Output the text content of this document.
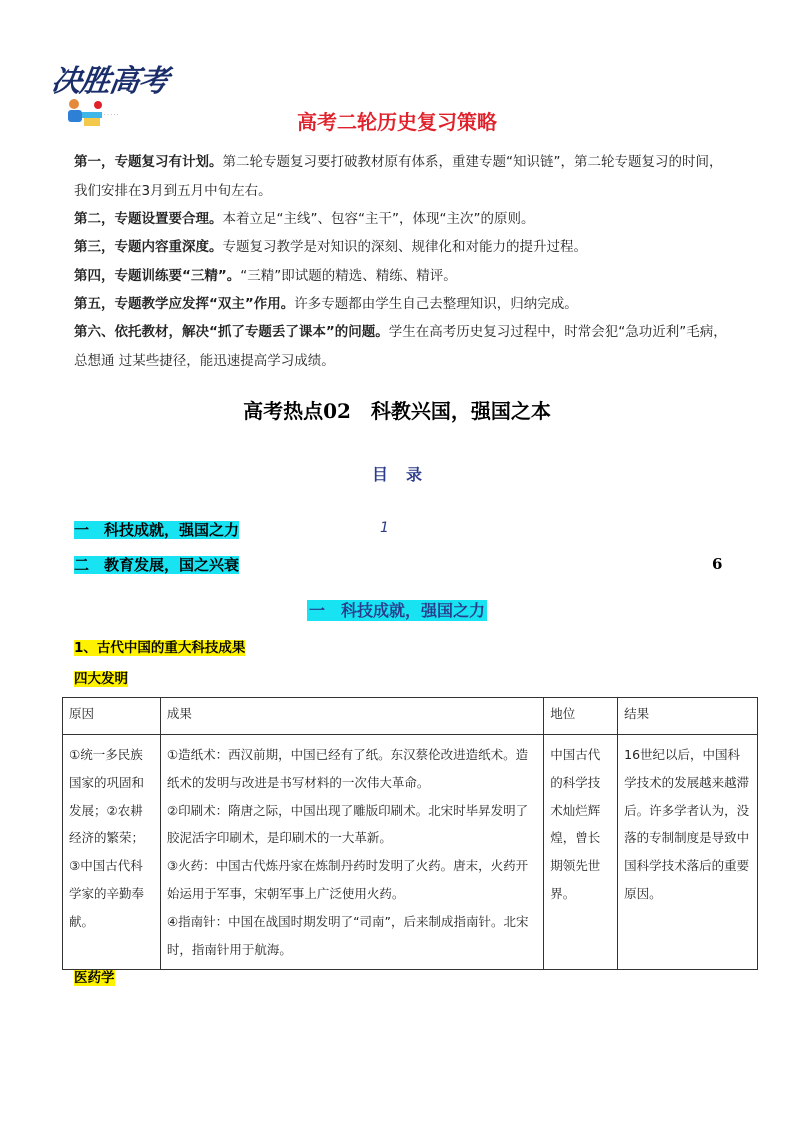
决胜高考
· · · · ·	高考二轮历史复习策略
第一，专题复习有计划。第二轮专题复习要打破教材原有体系，重建专题“知识链”，第二轮专题复习的时间，我们安排在3月到五月中旬左右。
第二，专题设置要合理。本着立足“主线”、包容“主干”，体现“主次”的原则。
第三，专题内容重深度。专题复习教学是对知识的深刻、规律化和对能力的提升过程。
第四，专题训练要“三精”。“三精”即试题的精选、精练、精评。
第五，专题教学应发挥“双主”作用。许多专题都由学生自己去整理知识，归纳完成。
第六、依托教材，解决“抓了专题丢了课本”的问题。学生在高考历史复习过程中，时常会犯“急功近利”毛病，总想通 过某些捷径，能迅速提高学习成绩。
高考热点02　科教兴国，强国之本
目录
一　科技成就，强国之力	1
二　教育发展，国之兴衰	6
一　科技成就，强国之力
1、古代中国的重大科技成果
四大发明
原因	成果	地位	结果
①统一多民族国家的巩固和发展；②农耕经济的繁荣；③中国古代科学家的辛勤奉献。	①造纸术：西汉前期，中国已经有了纸。东汉蔡伦改进造纸术。造纸术的发明与改进是书写材料的一次伟大革命。
②印刷术：隋唐之际，中国出现了雕版印刷术。北宋时毕昇发明了胶泥活字印刷术，是印刷术的一大革新。
③火药：中国古代炼丹家在炼制丹药时发明了火药。唐末，火药开始运用于军事，宋朝军事上广泛使用火药。
④指南针：中国在战国时期发明了“司南”，后来制成指南针。北宋时，指南针用于航海。	中国古代的科学技术灿烂辉煌，曾长期领先世界。	16世纪以后，中国科学技术的发展越来越滞后。许多学者认为，没落的专制制度是导致中国科学技术落后的重要原因。
医药学
